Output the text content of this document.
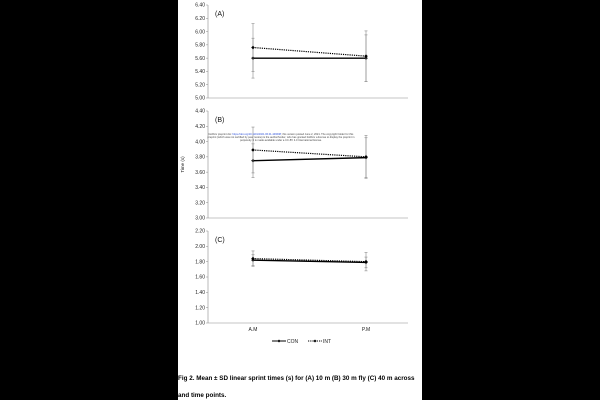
6.40
6.20
6.00
5.80
5.60
5.40
5.20
5.00
(A)
4.40
4.20
4.00
3.80
3.60
3.40
3.20
3.00
(B)
Time (s)
2.20
2.00
1.80
1.60
1.40
1.20
1.00
(C)
A.M	P.M
CON	INT
bioRxiv preprint doi: https://doi.org/10.1101/2021.06.01.446608; this version posted June 2, 2021. The copyright holder for this preprint (which was not certified by peer review) is the author/funder, who has granted bioRxiv a license to display the preprint in perpetuity. It is made available under a CC-BY 4.0 International license.
Fig 2. Mean ± SD linear sprint times (s) for (A) 10 m (B) 30 m fly (C) 40 m across
and time points.
